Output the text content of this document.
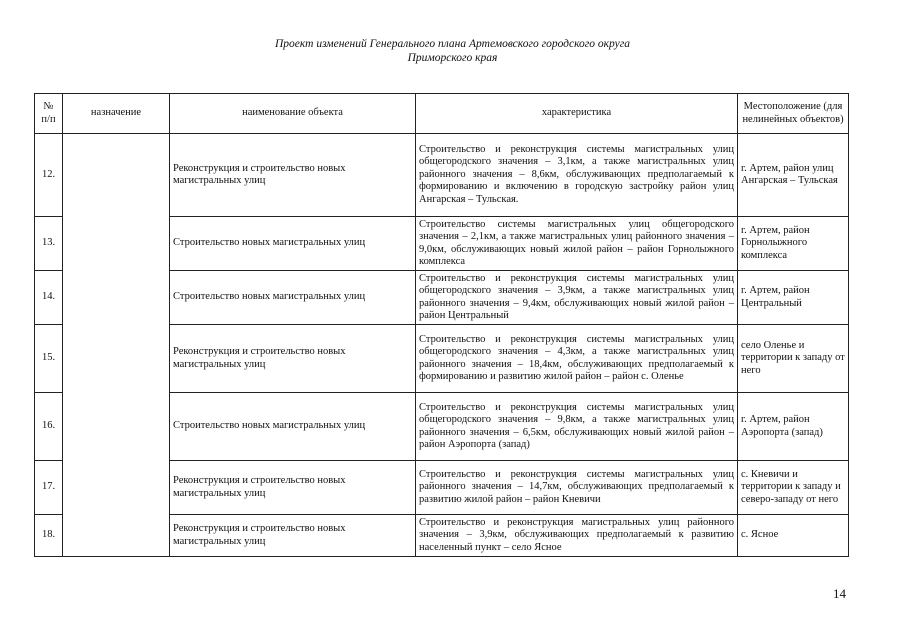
Проект изменений Генерального плана Артемовского городского округа
Приморского края
№ п/п	назначение	наименование объекта	характеристика	Местоположение (для нелинейных объектов)
12.		Реконструкция и строительство новых магистральных улиц	Строительство и реконструкция системы магистральных улиц общегородского значения – 3,1км, а также магистральных улиц районного значения – 8,6км, обслуживающих предполагаемый к формированию и включению в городскую застройку район улиц Ангарская – Тульская.	г. Артем, район улиц Ангарская – Тульская
13.		Строительство новых магистральных улиц	Строительство системы магистральных улиц общегородского значения – 2,1км, а также магистральных улиц районного значения – 9,0км, обслуживающих новый жилой район – район Горнолыжного комплекса	г. Артем, район Горнолыжного комплекса
14.		Строительство новых магистральных улиц	Строительство и реконструкция системы магистральных улиц общегородского значения – 3,9км, а также магистральных улиц районного значения – 9,4км, обслуживающих новый жилой район – район Центральный	г. Артем, район Центральный
15.		Реконструкция и строительство новых магистральных улиц	Строительство и реконструкция системы магистральных улиц общегородского значения – 4,3км, а также магистральных улиц районного значения – 18,4км, обслуживающих предполагаемый к формированию и развитию жилой район – район с. Оленье	село Оленье и территории к западу от него
16.		Строительство новых магистральных улиц	Строительство и реконструкция системы магистральных улиц общегородского значения – 9,8км, а также магистральных улиц районного значения – 6,5км, обслуживающих новый жилой район – район Аэропорта (запад)	г. Артем, район Аэропорта (запад)
17.		Реконструкция и строительство новых магистральных улиц	Строительство и реконструкция системы магистральных улиц районного значения – 14,7км, обслуживающих предполагаемый к развитию жилой район – район Кневичи	с. Кневичи и территории к западу и северо-западу от него
18.		Реконструкция и строительство новых магистральных улиц	Строительство и реконструкция магистральных улиц районного значения – 3,9км, обслуживающих предполагаемый к развитию населенный пункт – село Ясное	с. Ясное
14
